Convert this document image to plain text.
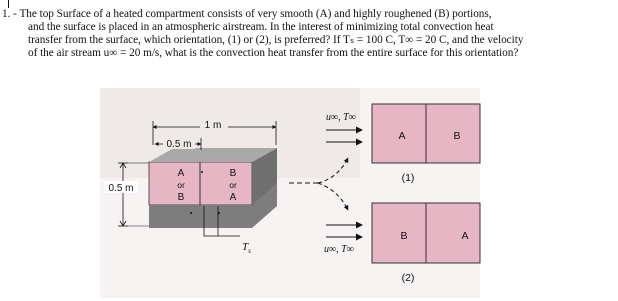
1. - The top Surface of a heated compartment consists of very smooth (A) and highly roughened (B) portions,
and the surface is placed in an atmospheric airstream. In the interest of minimizing total convection heat
transfer from the surface, which orientation, (1) or (2), is preferred? If Tₛ = 100 C, T∞ = 20 C, and the velocity
of the air stream u∞ = 20 m/s, what is the convection heat transfer from the entire surface for this orientation?
A
or
B
B
or
A
$T_s$
1 m
0.5 m
0.5 m
u∞, T∞
u∞, T∞
A	B
(1)
B	A
(2)
